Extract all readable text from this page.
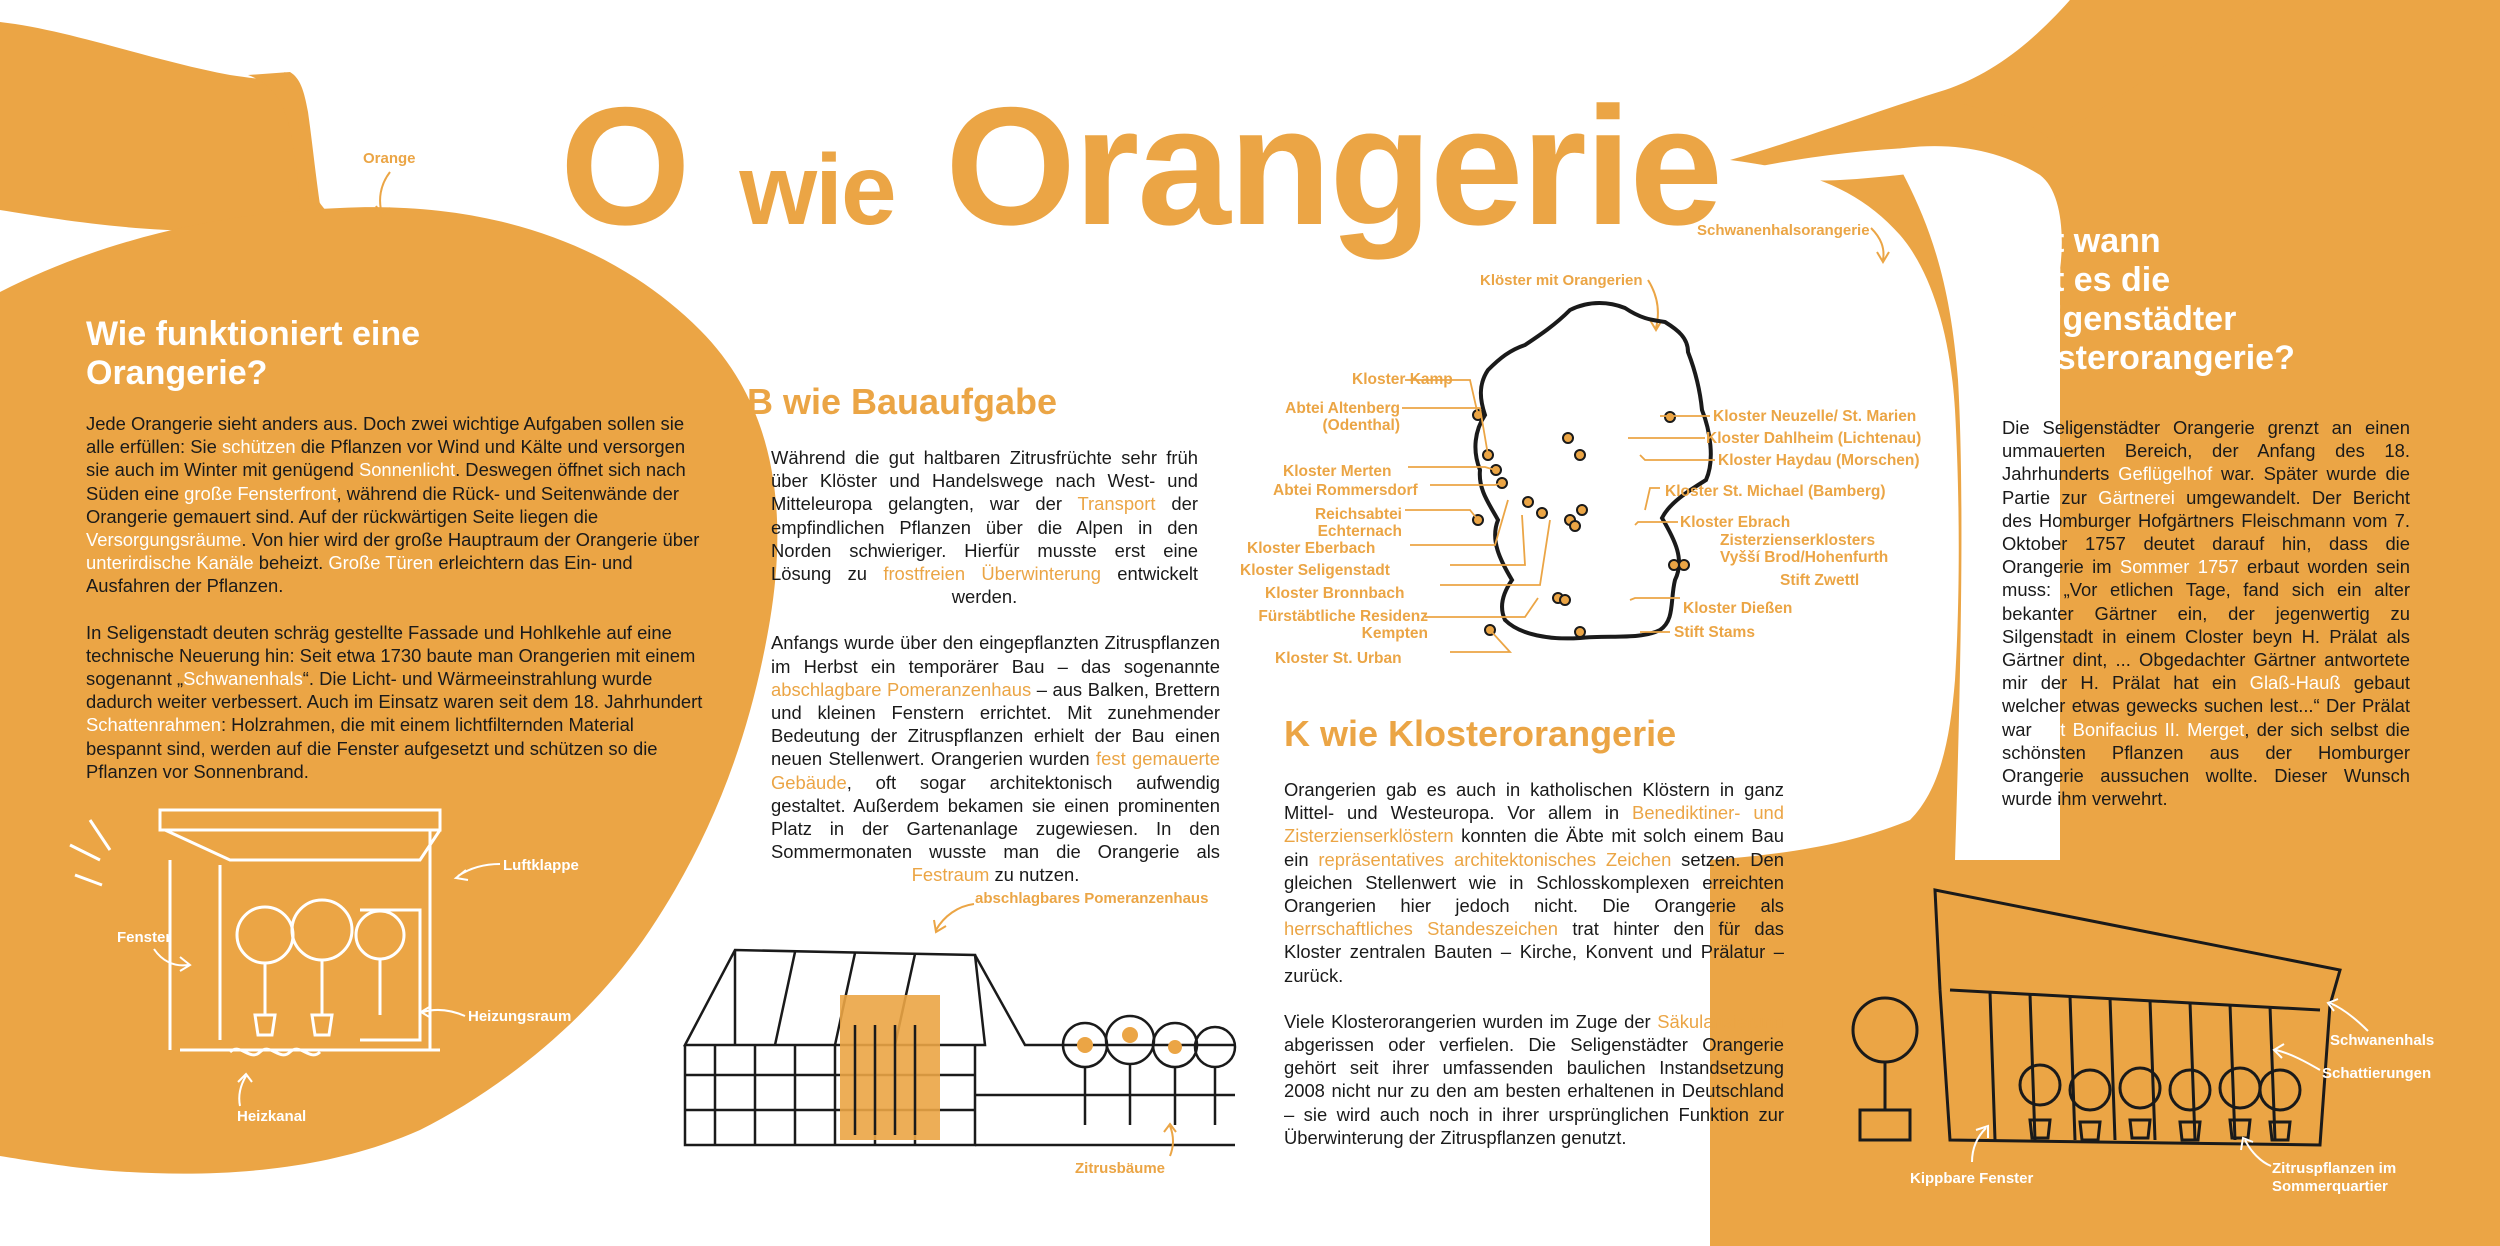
O wie Orangerie
Orange
Wie funktioniert eine
Orangerie?

Jede Orangerie sieht anders aus. Doch zwei wichtige Aufgaben sollen sie alle erfüllen: Sie schützen die Pflanzen vor Wind und Kälte und versorgen sie auch im Winter mit genügend Sonnenlicht. Deswegen öffnet sich nach Süden eine große Fensterfront, während die Rück- und Seitenwände der Orangerie gemauert sind. Auf der rückwärtigen Seite liegen die Versorgungsräume. Von hier wird der große Hauptraum der Orangerie über unterirdische Kanäle beheizt. Große Türen erleichtern das Ein- und Ausfahren der Pflanzen.

In Seligenstadt deuten schräg gestellte Fassade und Hohlkehle auf eine technische Neuerung hin: Seit etwa 1730 baute man Orangerien mit einem sogenannt „Schwanenhals“. Die Licht- und Wärmeeinstrahlung wurde dadurch weiter verbessert. Auch im Einsatz waren seit dem 18. Jahrhundert Schattenrahmen: Holzrahmen, die mit einem lichtfilternden Material bespannt sind, werden auf die Fenster aufgesetzt und schützen so die Pflanzen vor Sonnenbrand.

Luftklappe
Fenster
Heizungsraum
Heizkanal
B wie Bauaufgabe

Während die gut haltbaren Zitrusfrüchte sehr früh über Klöster und Handelswege nach West- und Mitteleuropa gelangten, war der Transport der empfindlichen Pflanzen über die Alpen in den Norden schwieriger. Hierfür musste erst eine Lösung zu frostfreien Überwinterung entwickelt werden.

Anfangs wurde über den eingepflanzten Zitruspflanzen im Herbst ein temporärer Bau – das sogenannte abschlagbare Pomeranzenhaus – aus Balken, Brettern und kleinen Fenstern errichtet. Mit zunehmender Bedeutung der Zitruspflanzen erhielt der Bau einen neuen Stellenwert. Orangerien wurden fest gemauerte Gebäude, oft sogar architektonisch aufwendig gestaltet. Außerdem bekamen sie einen prominenten Platz in der Gartenanlage zugewiesen. In den Sommermonaten wusste man die Orangerie als Festraum zu nutzen.

abschlagbares Pomeranzenhaus
Zitrusbäume
Klöster mit Orangerien
Kloster Kamp
Abtei Altenberg
(Odenthal)
Kloster Merten
Abtei Rommersdorf
Reichsabtei
Echternach
Kloster Eberbach
Kloster Seligenstadt
Kloster Bronnbach
Fürstäbtliche Residenz
Kempten
Kloster St. Urban
Kloster Neuzelle/ St. Marien
Kloster Dahlheim (Lichtenau)
Kloster Haydau (Morschen)
Kloster St. Michael (Bamberg)
Kloster Ebrach
Zisterzienserklosters
Vyšší Brod/Hohenfurth
Stift Zwettl
Kloster Dießen
Stift Stams
Schwanenhalsorangerie
K wie Klosterorangerie

Orangerien gab es auch in katholischen Klöstern in ganz Mittel- und Westeuropa. Vor allem in Benediktiner- und Zisterzienserklöstern konnten die Äbte mit solch einem Bau ein repräsentatives architektonisches Zeichen setzen. Den gleichen Stellenwert wie in Schlosskomplexen erreichten Orangerien hier jedoch nicht. Die Orangerie als herrschaftliches Standeszeichen trat hinter den für das Kloster zentralen Bauten – Kirche, Konvent und Prälatur – zurück.

Viele Klosterorangerien wurden im Zuge der Säkularisierung abgerissen oder verfielen. Die Seligenstädter Orangerie gehört seit ihrer umfassenden baulichen Instandsetzung 2008 nicht nur zu den am besten erhaltenen in Deutschland – sie wird auch noch in ihrer ursprünglichen Funktion zur Überwinterung der Zitruspflanzen genutzt.

Seit wann
gibt es die
Seligenstädter
Klosterorangerie?

Die Seligenstädter Orangerie grenzt an einen ummauerten Bereich, der Anfang des 18. Jahrhunderts Geflügelhof war. Später wurde die Partie zur Gärtnerei umgewandelt. Der Bericht des Homburger Hofgärtners Fleischmann vom 7. Oktober 1757 deutet darauf hin, dass die Orangerie im Sommer 1757 erbaut worden sein muss: „Vor etlichen Tage, fand sich ein alter bekanter Gärtner ein, der jegenwertig zu Silgenstadt in einem Closter beyn H. Prälat als Gärtner dint, ... Obgedachter Gärtner antwortete mir der H. Prälat hat ein Glaß-Hauß gebaut welcher etwas gewecks suchen lest...“ Der Prälat war Abt Bonifacius II. Merget, der sich selbst die schönsten Pflanzen aus der Homburger Orangerie aussuchen wollte. Dieser Wunsch wurde ihm verwehrt.

Schwanenhals
Schattierungen
Kippbare Fenster
Zitruspflanzen im
Sommerquartier
